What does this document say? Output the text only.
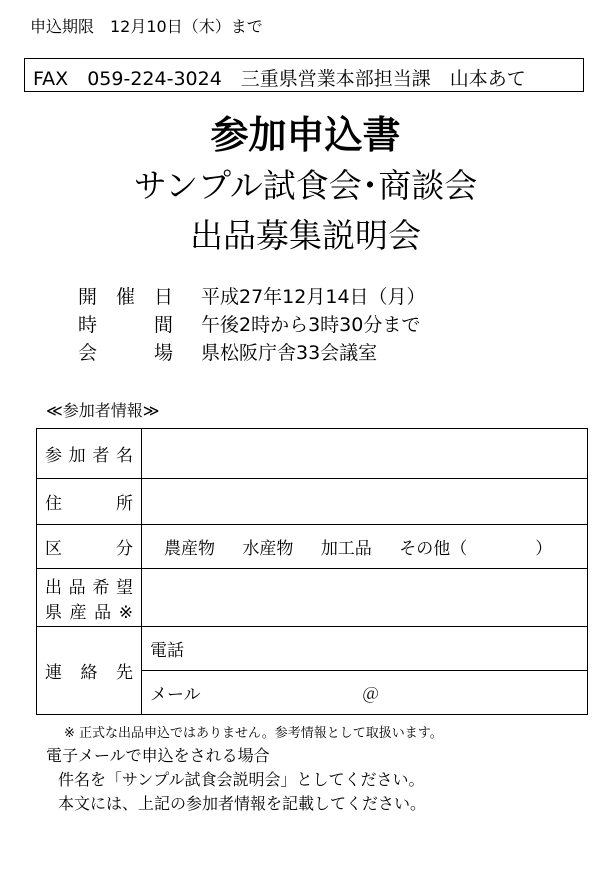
申込期限　12月10日（木）まで
FAX　059-224-3024　三重県営業本部担当課　山本あて
参加申込書
サンプル試食会･商談会
出品募集説明会
開催日 平成27年12月14日（月）
時間 午後2時から3時30分まで
会場 県松阪庁舎33会議室
≪参加者情報≫
参加者名		

住所		

区分	農産物 水産物 加工品 その他（ ）	

出品希望
県産品※		

連絡先	電話	
	メール	＠
※ 正式な出品申込ではありません。参考情報として取扱います。
電子メールで申込をされる場合
件名を「サンプル試食会説明会」としてください。
本文には、上記の参加者情報を記載してください。
